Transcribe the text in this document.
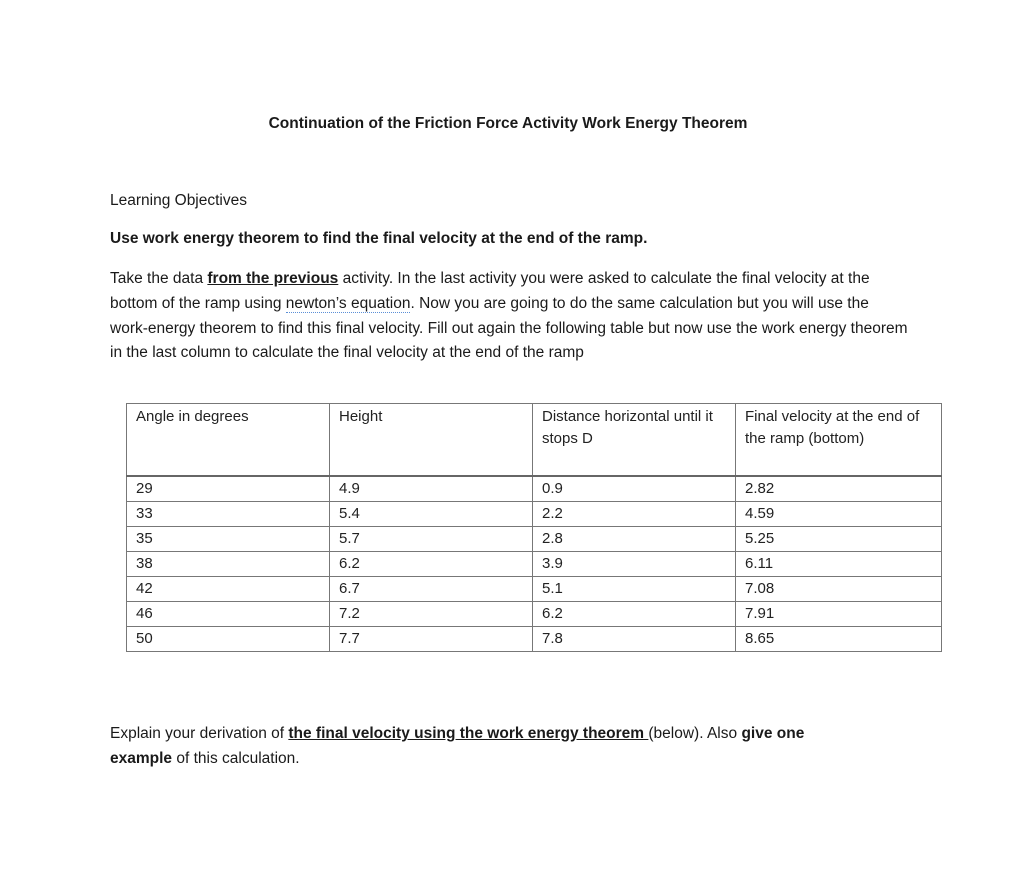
Continuation of the Friction Force Activity Work Energy Theorem

Learning Objectives

Use work energy theorem to find the final velocity at the end of the ramp.

Take the data from the previous activity. In the last activity you were asked to calculate the final velocity at the bottom of the ramp using newton’s equation. Now you are going to do the same calculation but you will use the work-energy theorem to find this final velocity. Fill out again the following table but now use the work energy theorem in the last column to calculate the final velocity at the end of the ramp

Angle in degrees	Height	Distance horizontal until it stops D	Final velocity at the end of the ramp (bottom)
29	4.9	0.9	2.82
33	5.4	2.2	4.59
35	5.7	2.8	5.25
38	6.2	3.9	6.11
42	6.7	5.1	7.08
46	7.2	6.2	7.91
50	7.7	7.8	8.65

Explain your derivation of the final velocity using the work energy theorem (below). Also give one
example of this calculation.
